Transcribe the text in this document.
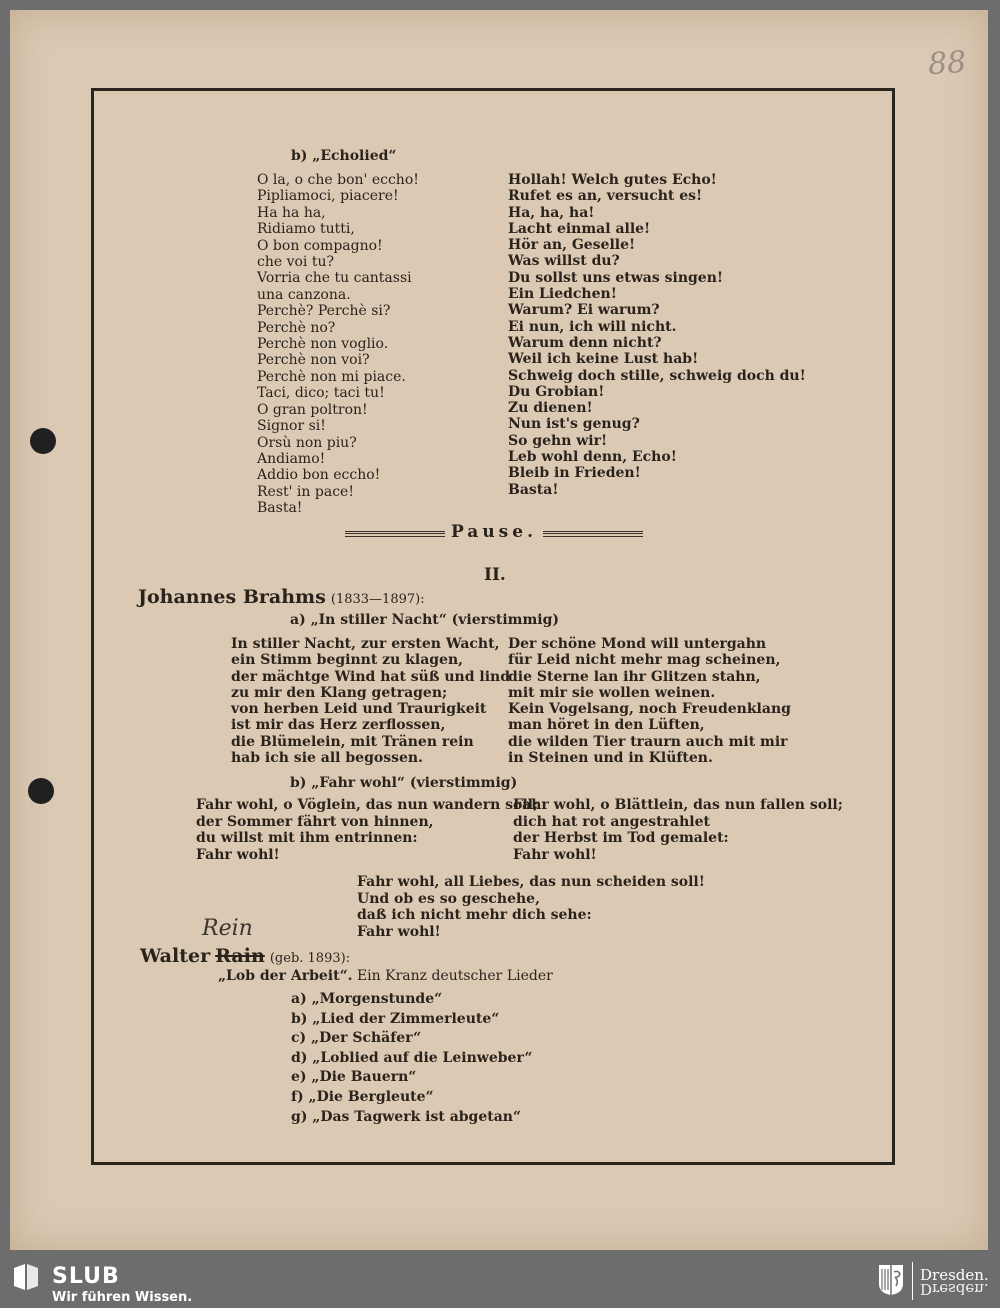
88
b) „Echolied“
O la, o che bon' eccho!
Pipliamoci, piacere!
Ha ha ha,
Ridiamo tutti,
O bon compagno!
che voi tu?
Vorria che tu cantassi
una canzona.
Perchè? Perchè si?
Perchè no?
Perchè non voglio.
Perchè non voi?
Perchè non mi piace.
Taci, dico; taci tu!
O gran poltron!
Signor si!
Orsù non piu?
Andiamo!
Addio bon eccho!
Rest' in pace!
Basta!
Hollah! Welch gutes Echo!
Rufet es an, versucht es!
Ha, ha, ha!
Lacht einmal alle!
Hör an, Geselle!
Was willst du?
Du sollst uns etwas singen!
Ein Liedchen!
Warum? Ei warum?
Ei nun, ich will nicht.
Warum denn nicht?
Weil ich keine Lust hab!
Schweig doch stille, schweig doch du!
Du Grobian!
Zu dienen!
Nun ist's genug?
So gehn wir!
Leb wohl denn, Echo!
Bleib in Frieden!
Basta!
Pause.
II.
Johannes Brahms (1833—1897):
a) „In stiller Nacht“ (vierstimmig)
In stiller Nacht, zur ersten Wacht,
ein Stimm beginnt zu klagen,
der mächtge Wind hat süß und lind
zu mir den Klang getragen;
von herben Leid und Traurigkeit
ist mir das Herz zerflossen,
die Blümelein, mit Tränen rein
hab ich sie all begossen.
Der schöne Mond will untergahn
für Leid nicht mehr mag scheinen,
die Sterne lan ihr Glitzen stahn,
mit mir sie wollen weinen.
Kein Vogelsang, noch Freudenklang
man höret in den Lüften,
die wilden Tier traurn auch mit mir
in Steinen und in Klüften.
b) „Fahr wohl“ (vierstimmig)
Fahr wohl, o Vöglein, das nun wandern soll;
der Sommer fährt von hinnen,
du willst mit ihm entrinnen:
Fahr wohl!
Fahr wohl, o Blättlein, das nun fallen soll;
dich hat rot angestrahlet
der Herbst im Tod gemalet:
Fahr wohl!
Fahr wohl, all Liebes, das nun scheiden soll!
Und ob es so geschehe,
daß ich nicht mehr dich sehe:
Fahr wohl!
Rein
Walter Rain (geb. 1893):
„Lob der Arbeit“. Ein Kranz deutscher Lieder
a) „Morgenstunde“
b) „Lied der Zimmerleute“
c) „Der Schäfer“
d) „Loblied auf die Leinweber“
e) „Die Bauern“
f) „Die Bergleute“
g) „Das Tagwerk ist abgetan“
SLUB
Wir führen Wissen.
Dresden.
Dresden.
